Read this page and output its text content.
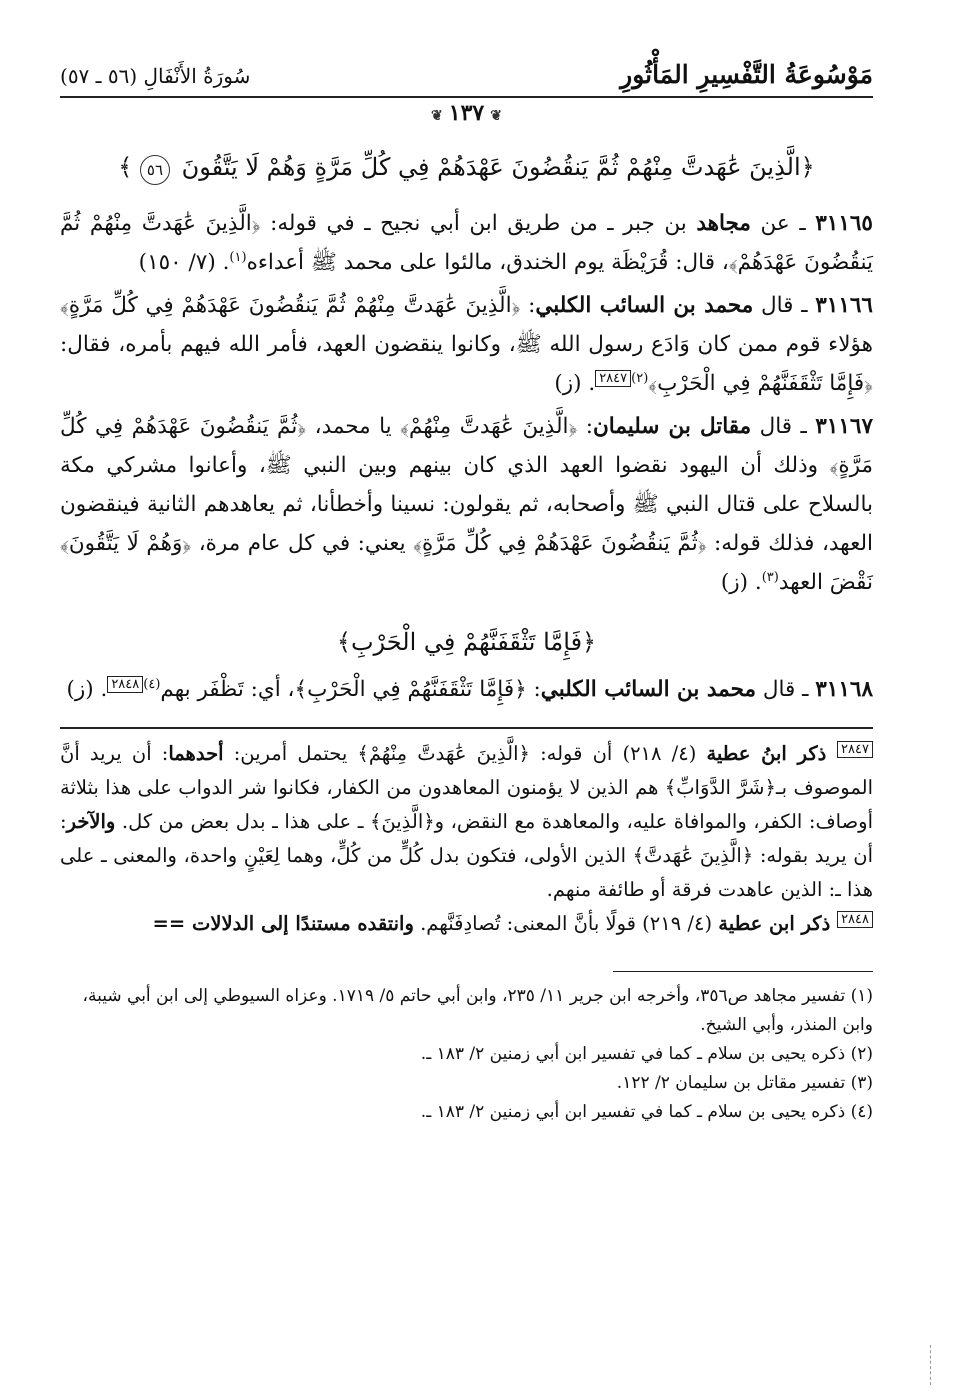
مَوْسُوعَةُ التَّفْسِيرِ المَأْثُورِ
سُورَةُ الأَنْفَالِ (٥٦ ـ ٥٧)
❦ ١٣٧ ❦
﴿الَّذِينَ عَٰهَدتَّ مِنْهُمْ ثُمَّ يَنقُضُونَ عَهْدَهُمْ فِي كُلِّ مَرَّةٍ وَهُمْ لَا يَتَّقُونَ ٥٦ ﴾

٣١١٦٥ ـ عن مجاهد بن جبر ـ من طريق ابن أبي نجيح ـ في قوله: ﴿الَّذِينَ عَٰهَدتَّ مِنْهُمْ ثُمَّ يَنقُضُونَ عَهْدَهُمْ﴾، قال: قُرَيْظَة يوم الخندق، مالئوا على محمد ﷺ أعداءه$^{(١)}$. (٧/ ١٥٠)

٣١١٦٦ ـ قال محمد بن السائب الكلبي: ﴿الَّذِينَ عَٰهَدتَّ مِنْهُمْ ثُمَّ يَنقُضُونَ عَهْدَهُمْ فِي كُلِّ مَرَّةٍ﴾ هؤلاء قوم ممن كان وَادَع رسول الله ﷺ، وكانوا ينقضون العهد، فأمر الله فيهم بأمره، فقال: ﴿فَإِمَّا تَثْقَفَنَّهُمْ فِي الْحَرْبِ﴾$^{(٢)}$٢٨٤٧. (ز)

٣١١٦٧ ـ قال مقاتل بن سليمان: ﴿الَّذِينَ عَٰهَدتَّ مِنْهُمْ﴾ يا محمد، ﴿ثُمَّ يَنقُضُونَ عَهْدَهُمْ فِي كُلِّ مَرَّةٍ﴾ وذلك أن اليهود نقضوا العهد الذي كان بينهم وبين النبي ﷺ، وأعانوا مشركي مكة بالسلاح على قتال النبي ﷺ وأصحابه، ثم يقولون: نسينا وأخطأنا، ثم يعاهدهم الثانية فينقضون العهد، فذلك قوله: ﴿ثُمَّ يَنقُضُونَ عَهْدَهُمْ فِي كُلِّ مَرَّةٍ﴾ يعني: في كل عام مرة، ﴿وَهُمْ لَا يَتَّقُونَ﴾ نَقْضَ العهد$^{(٣)}$. (ز)

﴿فَإِمَّا تَثْقَفَنَّهُمْ فِي الْحَرْبِ﴾

٣١١٦٨ ـ قال محمد بن السائب الكلبي: ﴿فَإِمَّا تَثْقَفَنَّهُمْ فِي الْحَرْبِ﴾، أي: تَظْفَر بهم$^{(٤)}$٢٨٤٨. (ز)

٢٨٤٧ ذكر ابنُ عطية (٤/ ٢١٨) أن قوله: ﴿الَّذِينَ عَٰهَدتَّ مِنْهُمْ﴾ يحتمل أمرين: أحدهما: أن يريد أنَّ الموصوف بـ﴿شَرَّ الدَّوَابِّ﴾ هم الذين لا يؤمنون المعاهدون من الكفار، فكانوا شر الدواب على هذا بثلاثة أوصاف: الكفر، والموافاة عليه، والمعاهدة مع النقض، و﴿الَّذِينَ﴾ ـ على هذا ـ بدل بعض من كل. والآخر: أن يريد بقوله: ﴿الَّذِينَ عَٰهَدتَّ﴾ الذين الأولى، فتكون بدل كُلٍّ من كُلٍّ، وهما لِعَيْنٍ واحدة، والمعنى ـ على هذا ـ: الذين عاهدت فرقة أو طائفة منهم.
٢٨٤٨ ذكر ابن عطية (٤/ ٢١٩) قولًا بأنَّ المعنى: تُصادِفَنَّهم. وانتقده مستندًا إلى الدلالات ==
(١) تفسير مجاهد ص٣٥٦، وأخرجه ابن جرير ١١/ ٢٣٥، وابن أبي حاتم ٥/ ١٧١٩. وعزاه السيوطي إلى ابن أبي شيبة، وابن المنذر، وأبي الشيخ.
(٢) ذكره يحيى بن سلام ـ كما في تفسير ابن أبي زمنين ٢/ ١٨٣ ـ.
(٣) تفسير مقاتل بن سليمان ٢/ ١٢٢.
(٤) ذكره يحيى بن سلام ـ كما في تفسير ابن أبي زمنين ٢/ ١٨٣ ـ.
